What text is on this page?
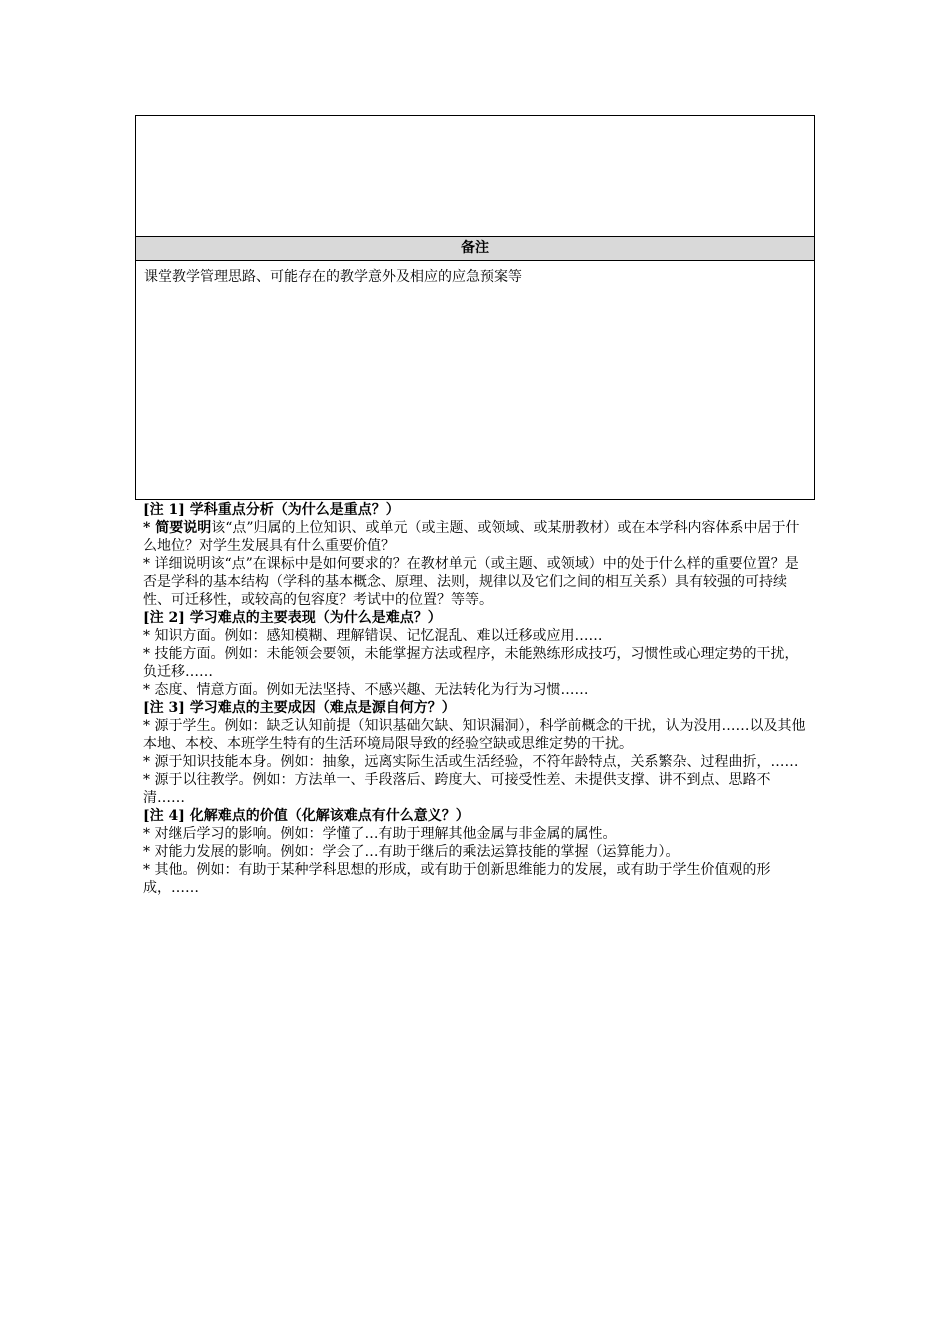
备注
课堂教学管理思路、可能存在的教学意外及相应的应急预案等

[注 1] 学科重点分析（为什么是重点？）

* 简要说明该“点”归属的上位知识、或单元（或主题、或领域、或某册教材）或在本学科内容体系中居于什么地位？对学生发展具有什么重要价值？

* 详细说明该“点”在课标中是如何要求的？在教材单元（或主题、或领域）中的处于什么样的重要位置？是否是学科的基本结构（学科的基本概念、原理、法则，规律以及它们之间的相互关系）具有较强的可持续性、可迁移性，或较高的包容度？考试中的位置？等等。

[注 2] 学习难点的主要表现（为什么是难点？）

* 知识方面。例如：感知模糊、理解错误、记忆混乱、难以迁移或应用……

* 技能方面。例如：未能领会要领，未能掌握方法或程序，未能熟练形成技巧，习惯性或心理定势的干扰，负迁移……

* 态度、情意方面。例如无法坚持、不感兴趣、无法转化为行为习惯……

[注 3] 学习难点的主要成因（难点是源自何方？）

* 源于学生。例如：缺乏认知前提（知识基础欠缺、知识漏洞），科学前概念的干扰，认为没用……以及其他本地、本校、本班学生特有的生活环境局限导致的经验空缺或思维定势的干扰。

* 源于知识技能本身。例如：抽象，远离实际生活或生活经验，不符年龄特点，关系繁杂、过程曲折，……

* 源于以往教学。例如：方法单一、手段落后、跨度大、可接受性差、未提供支撑、讲不到点、思路不清……

[注 4] 化解难点的价值（化解该难点有什么意义？）

* 对继后学习的影响。例如：学懂了…有助于理解其他金属与非金属的属性。

* 对能力发展的影响。例如：学会了…有助于继后的乘法运算技能的掌握（运算能力）。

* 其他。例如：有助于某种学科思想的形成，或有助于创新思维能力的发展，或有助于学生价值观的形成，……
